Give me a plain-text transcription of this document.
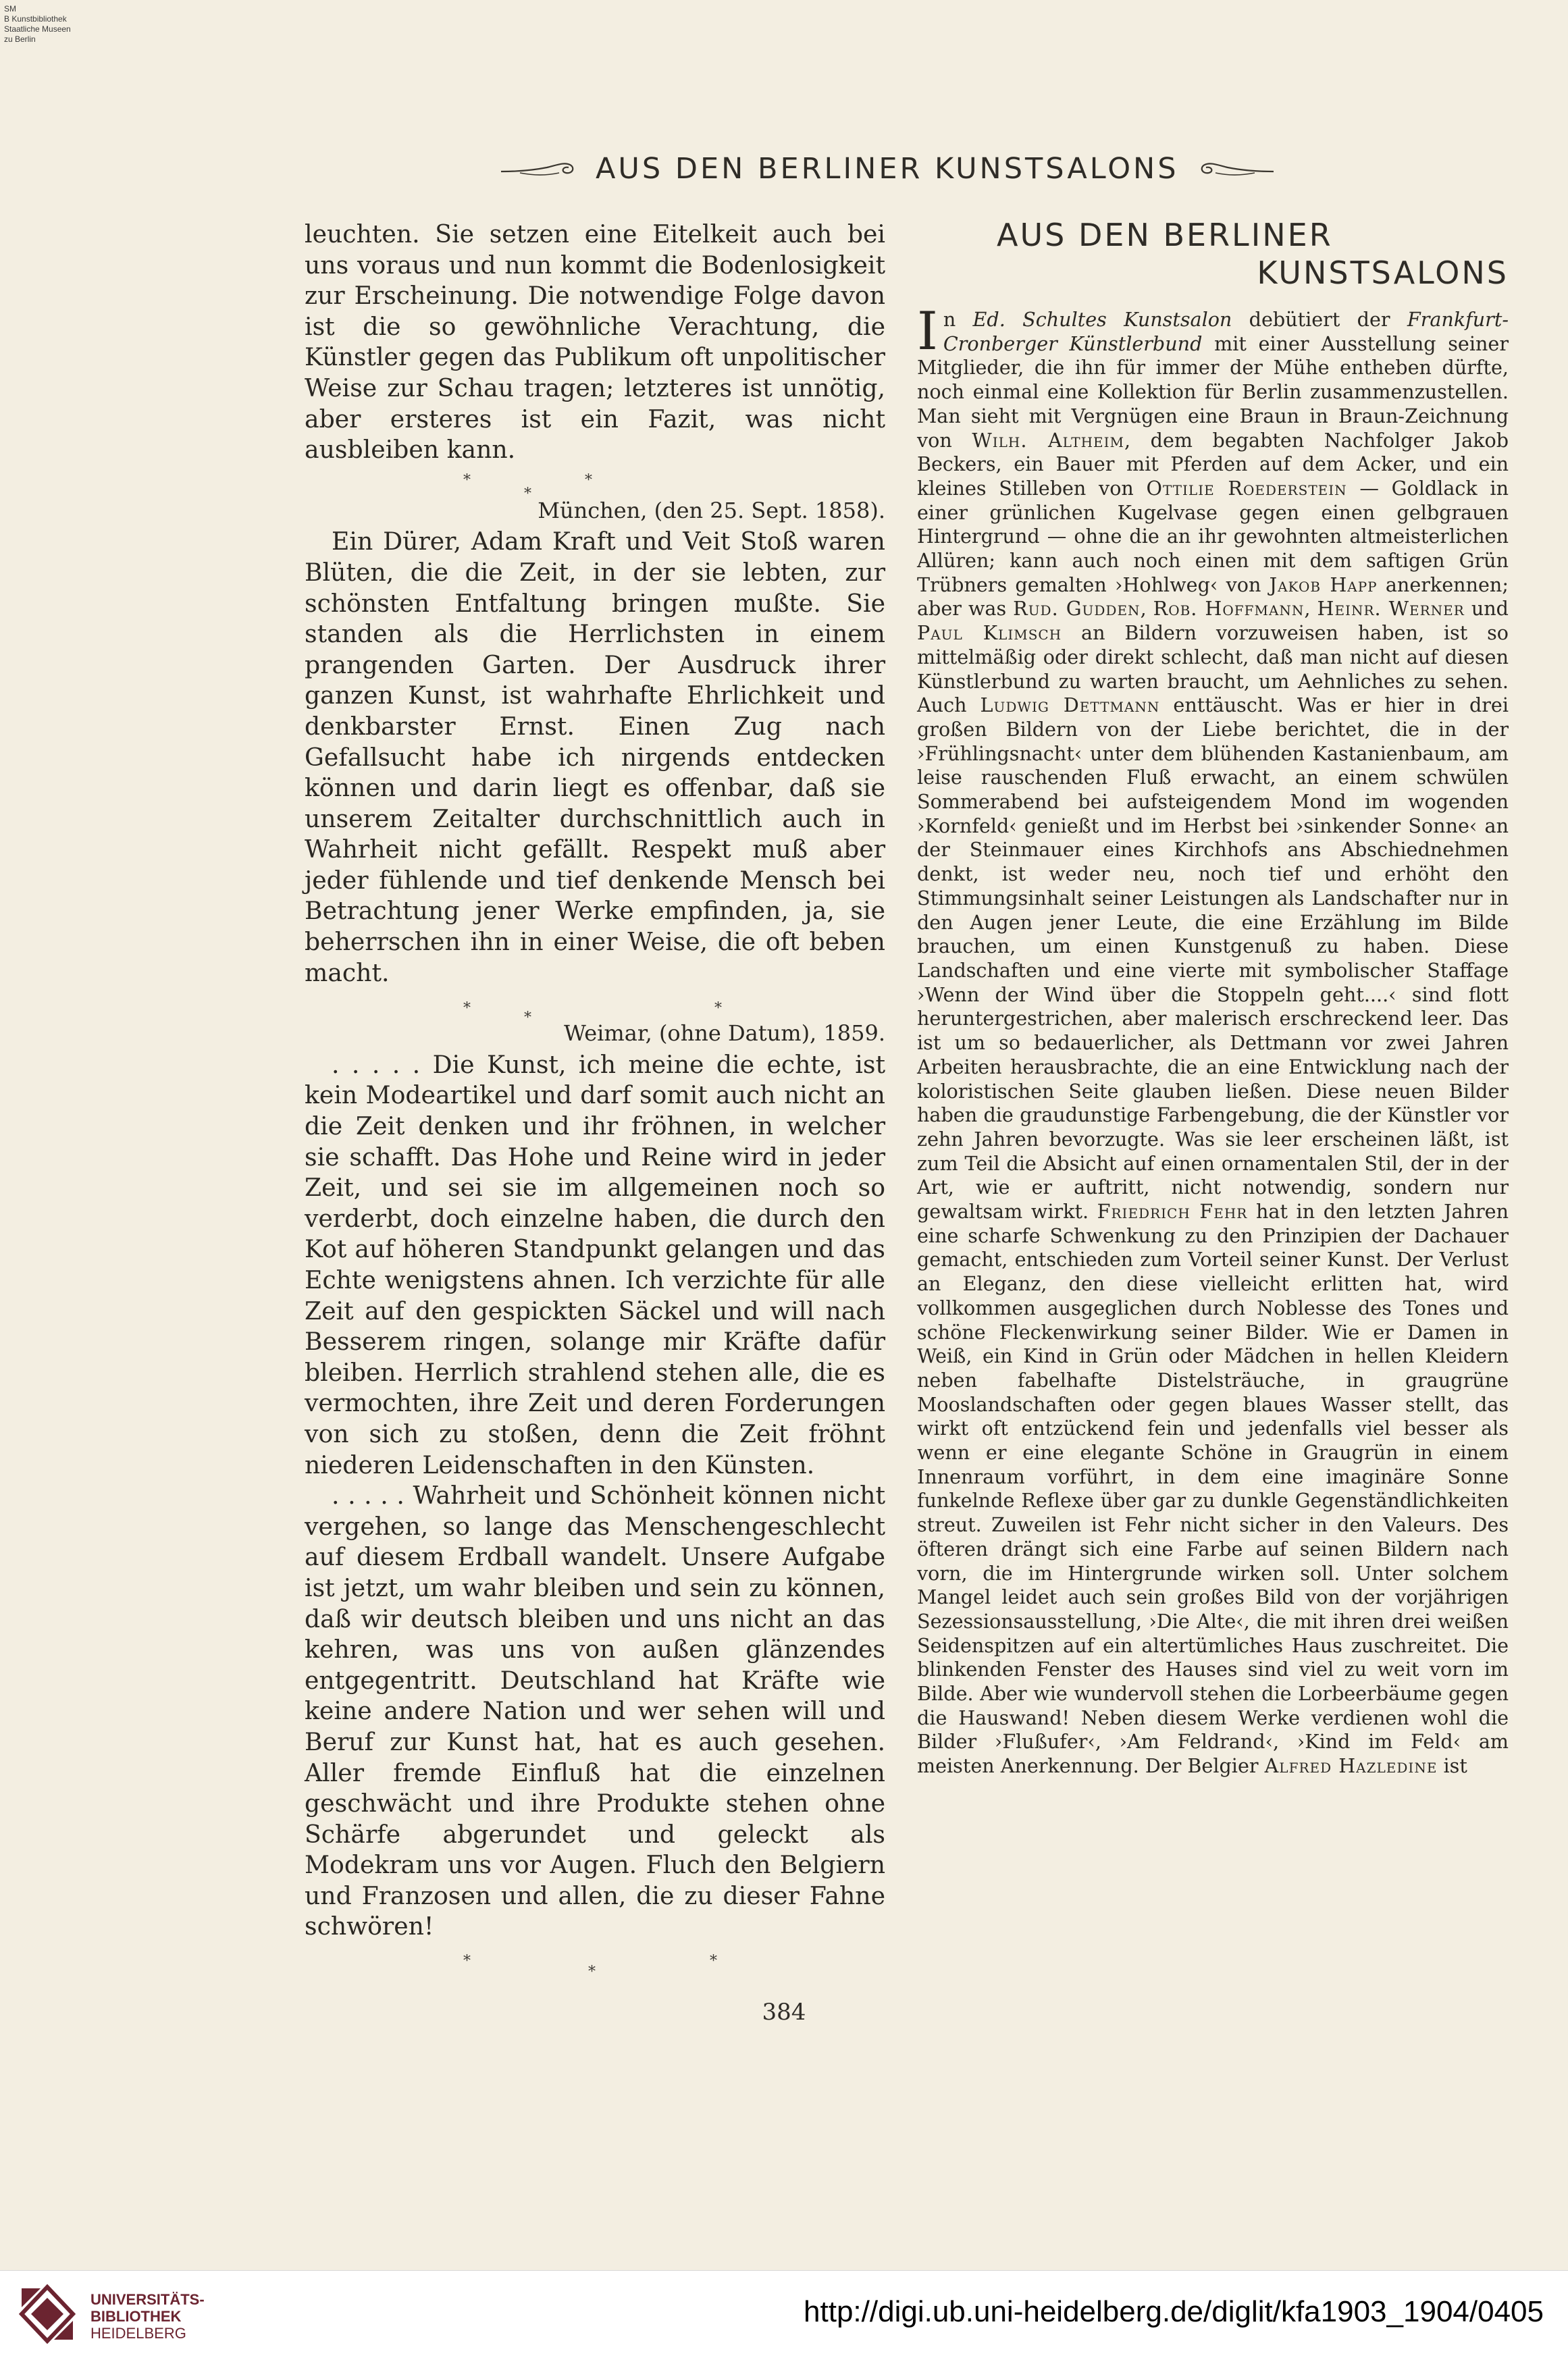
SM
B Kunstbibliothek
Staatliche Museen
zu Berlin
AUS DEN BERLINER KUNSTSALONS

leuchten. Sie setzen eine Eitelkeit auch bei uns voraus und nun kommt die Bodenlosigkeit zur Erscheinung. Die notwendige Folge davon ist die so gewöhnliche Verachtung, die Künstler gegen das Publikum oft unpolitischer Weise zur Schau tragen; letzteres ist unnötig, aber ersteres ist ein Fazit, was nicht ausbleiben kann.

*
*
*

München, (den 25. Sept. 1858).

Ein Dürer, Adam Kraft und Veit Stoß waren Blüten, die die Zeit, in der sie lebten, zur schönsten Entfaltung bringen mußte. Sie standen als die Herrlichsten in einem prangenden Garten. Der Ausdruck ihrer ganzen Kunst, ist wahrhafte Ehrlichkeit und denkbarster Ernst. Einen Zug nach Gefallsucht habe ich nirgends entdecken können und darin liegt es offenbar, daß sie unserem Zeitalter durchschnittlich auch in Wahrheit nicht gefällt. Respekt muß aber jeder fühlende und tief denkende Mensch bei Betrachtung jener Werke empfinden, ja, sie beherrschen ihn in einer Weise, die oft beben macht.

*
*
*

Weimar, (ohne Datum), 1859.

. . . . . Die Kunst, ich meine die echte, ist kein Modeartikel und darf somit auch nicht an die Zeit denken und ihr fröhnen, in welcher sie schafft. Das Hohe und Reine wird in jeder Zeit, und sei sie im allgemeinen noch so verderbt, doch einzelne haben, die durch den Kot auf höheren Standpunkt gelangen und das Echte wenigstens ahnen. Ich verzichte für alle Zeit auf den gespickten Säckel und will nach Besserem ringen, solange mir Kräfte dafür bleiben. Herrlich strahlend stehen alle, die es vermochten, ihre Zeit und deren Forderungen von sich zu stoßen, denn die Zeit fröhnt niederen Leidenschaften in den Künsten.

. . . . . Wahrheit und Schönheit können nicht vergehen, so lange das Menschengeschlecht auf diesem Erdball wandelt. Unsere Aufgabe ist jetzt, um wahr bleiben und sein zu können, daß wir deutsch bleiben und uns nicht an das kehren, was uns von außen glänzendes entgegentritt. Deutschland hat Kräfte wie keine andere Nation und wer sehen will und Beruf zur Kunst hat, hat es auch gesehen. Aller fremde Einfluß hat die einzelnen geschwächt und ihre Produkte stehen ohne Schärfe abgerundet und geleckt als Modekram uns vor Augen. Fluch den Belgiern und Franzosen und allen, die zu dieser Fahne schwören!

*
*
*
AUS DEN BERLINER
KUNSTSALONS
In Ed. Schultes Kunstsalon debütiert der Frankfurt-Cronberger Künstlerbund mit einer Ausstellung seiner Mitglieder, die ihn für immer der Mühe entheben dürfte, noch einmal eine Kollektion für Berlin zusammenzustellen. Man sieht mit Vergnügen eine Braun in Braun-Zeichnung von Wilh. Altheim, dem begabten Nachfolger Jakob Beckers, ein Bauer mit Pferden auf dem Acker, und ein kleines Stilleben von Ottilie Roederstein — Goldlack in einer grünlichen Kugelvase gegen einen gelbgrauen Hintergrund — ohne die an ihr gewohnten altmeisterlichen Allüren; kann auch noch einen mit dem saftigen Grün Trübners gemalten ›Hohlweg‹ von Jakob Happ anerkennen; aber was Rud. Gudden, Rob. Hoffmann, Heinr. Werner und Paul Klimsch an Bildern vorzuweisen haben, ist so mittelmäßig oder direkt schlecht, daß man nicht auf diesen Künstlerbund zu warten braucht, um Aehnliches zu sehen. Auch Ludwig Dettmann enttäuscht. Was er hier in drei großen Bildern von der Liebe berichtet, die in der ›Frühlingsnacht‹ unter dem blühenden Kastanienbaum, am leise rauschenden Fluß erwacht, an einem schwülen Sommerabend bei aufsteigendem Mond im wogenden ›Kornfeld‹ genießt und im Herbst bei ›sinkender Sonne‹ an der Steinmauer eines Kirchhofs ans Abschiednehmen denkt, ist weder neu, noch tief und erhöht den Stimmungsinhalt seiner Leistungen als Landschafter nur in den Augen jener Leute, die eine Erzählung im Bilde brauchen, um einen Kunstgenuß zu haben. Diese Landschaften und eine vierte mit symbolischer Staffage ›Wenn der Wind über die Stoppeln geht....‹ sind flott heruntergestrichen, aber malerisch erschreckend leer. Das ist um so bedauerlicher, als Dettmann vor zwei Jahren Arbeiten herausbrachte, die an eine Entwicklung nach der koloristischen Seite glauben ließen. Diese neuen Bilder haben die graudunstige Farbengebung, die der Künstler vor zehn Jahren bevorzugte. Was sie leer erscheinen läßt, ist zum Teil die Absicht auf einen ornamentalen Stil, der in der Art, wie er auftritt, nicht notwendig, sondern nur gewaltsam wirkt. Friedrich Fehr hat in den letzten Jahren eine scharfe Schwenkung zu den Prinzipien der Dachauer gemacht, entschieden zum Vorteil seiner Kunst. Der Verlust an Eleganz, den diese vielleicht erlitten hat, wird vollkommen ausgeglichen durch Noblesse des Tones und schöne Fleckenwirkung seiner Bilder. Wie er Damen in Weiß, ein Kind in Grün oder Mädchen in hellen Kleidern neben fabelhafte Distelsträuche, in graugrüne Mooslandschaften oder gegen blaues Wasser stellt, das wirkt oft entzückend fein und jedenfalls viel besser als wenn er eine elegante Schöne in Graugrün in einem Innenraum vorführt, in dem eine imaginäre Sonne funkelnde Reflexe über gar zu dunkle Gegenständlichkeiten streut. Zuweilen ist Fehr nicht sicher in den Valeurs. Des öfteren drängt sich eine Farbe auf seinen Bildern nach vorn, die im Hintergrunde wirken soll. Unter solchem Mangel leidet auch sein großes Bild von der vorjährigen Sezessionsausstellung, ›Die Alte‹, die mit ihren drei weißen Seidenspitzen auf ein altertümliches Haus zuschreitet. Die blinkenden Fenster des Hauses sind viel zu weit vorn im Bilde. Aber wie wundervoll stehen die Lorbeerbäume gegen die Hauswand! Neben diesem Werke verdienen wohl die Bilder ›Flußufer‹, ›Am Feldrand‹, ›Kind im Feld‹ am meisten Anerkennung. Der Belgier Alfred Hazledine ist
384
UNIVERSITÄTS-
BIBLIOTHEK
HEIDELBERG
http://digi.ub.uni-heidelberg.de/diglit/kfa1903_1904/0405
